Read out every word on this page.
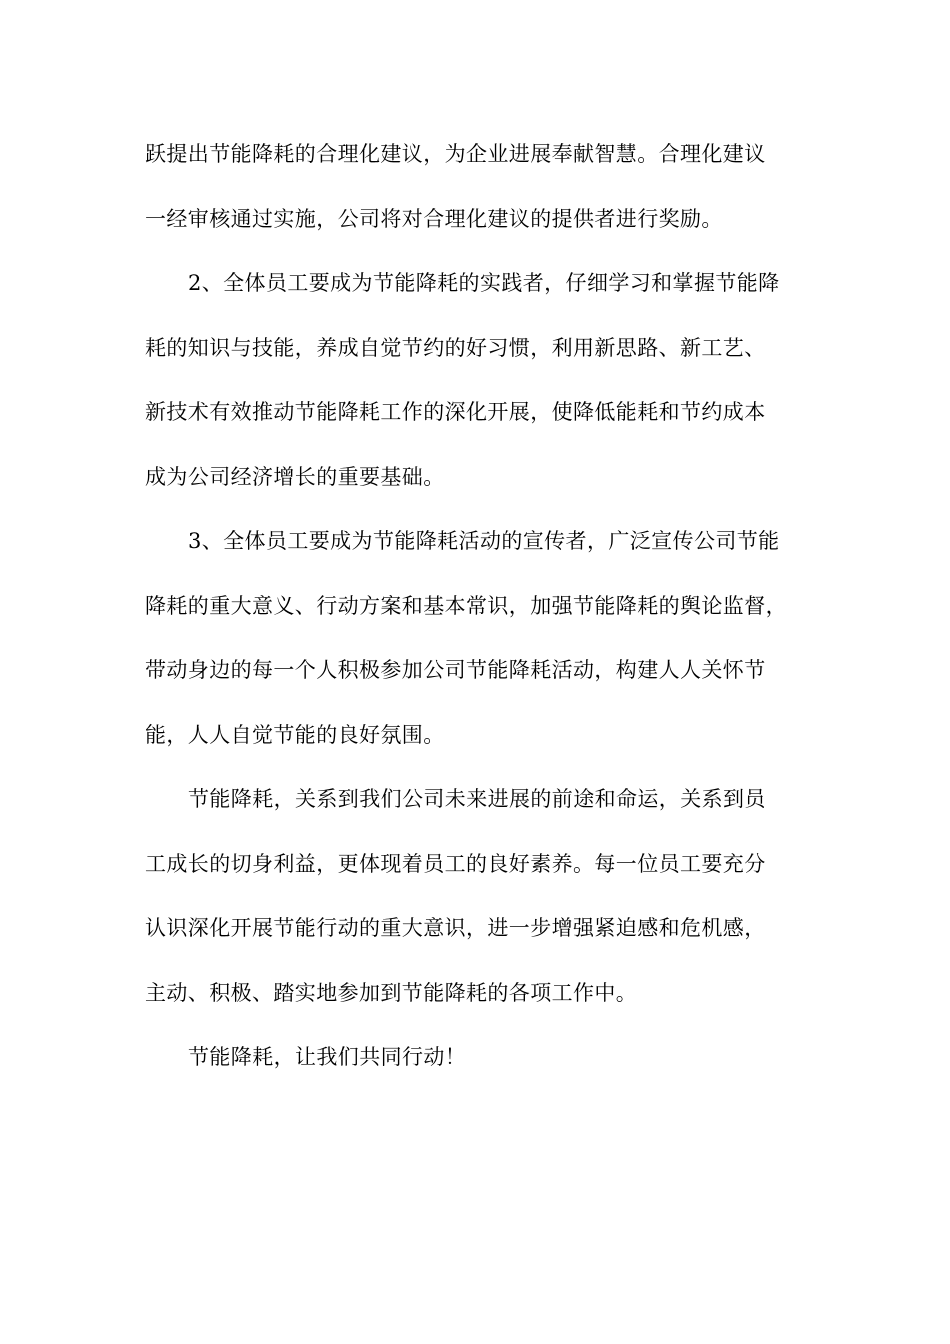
跃提出节能降耗的合理化建议，为企业进展奉献智慧。合理化建议
一经审核通过实施，公司将对合理化建议的提供者进行奖励。
2、全体员工要成为节能降耗的实践者，仔细学习和掌握节能降
耗的知识与技能，养成自觉节约的好习惯，利用新思路、新工艺、
新技术有效推动节能降耗工作的深化开展，使降低能耗和节约成本
成为公司经济增长的重要基础。
3、全体员工要成为节能降耗活动的宣传者，广泛宣传公司节能
降耗的重大意义、行动方案和基本常识，加强节能降耗的舆论监督，
带动身边的每一个人积极参加公司节能降耗活动，构建人人关怀节
能，人人自觉节能的良好氛围。
节能降耗，关系到我们公司未来进展的前途和命运，关系到员
工成长的切身利益，更体现着员工的良好素养。每一位员工要充分
认识深化开展节能行动的重大意识，进一步增强紧迫感和危机感，
主动、积极、踏实地参加到节能降耗的各项工作中。
节能降耗，让我们共同行动！
